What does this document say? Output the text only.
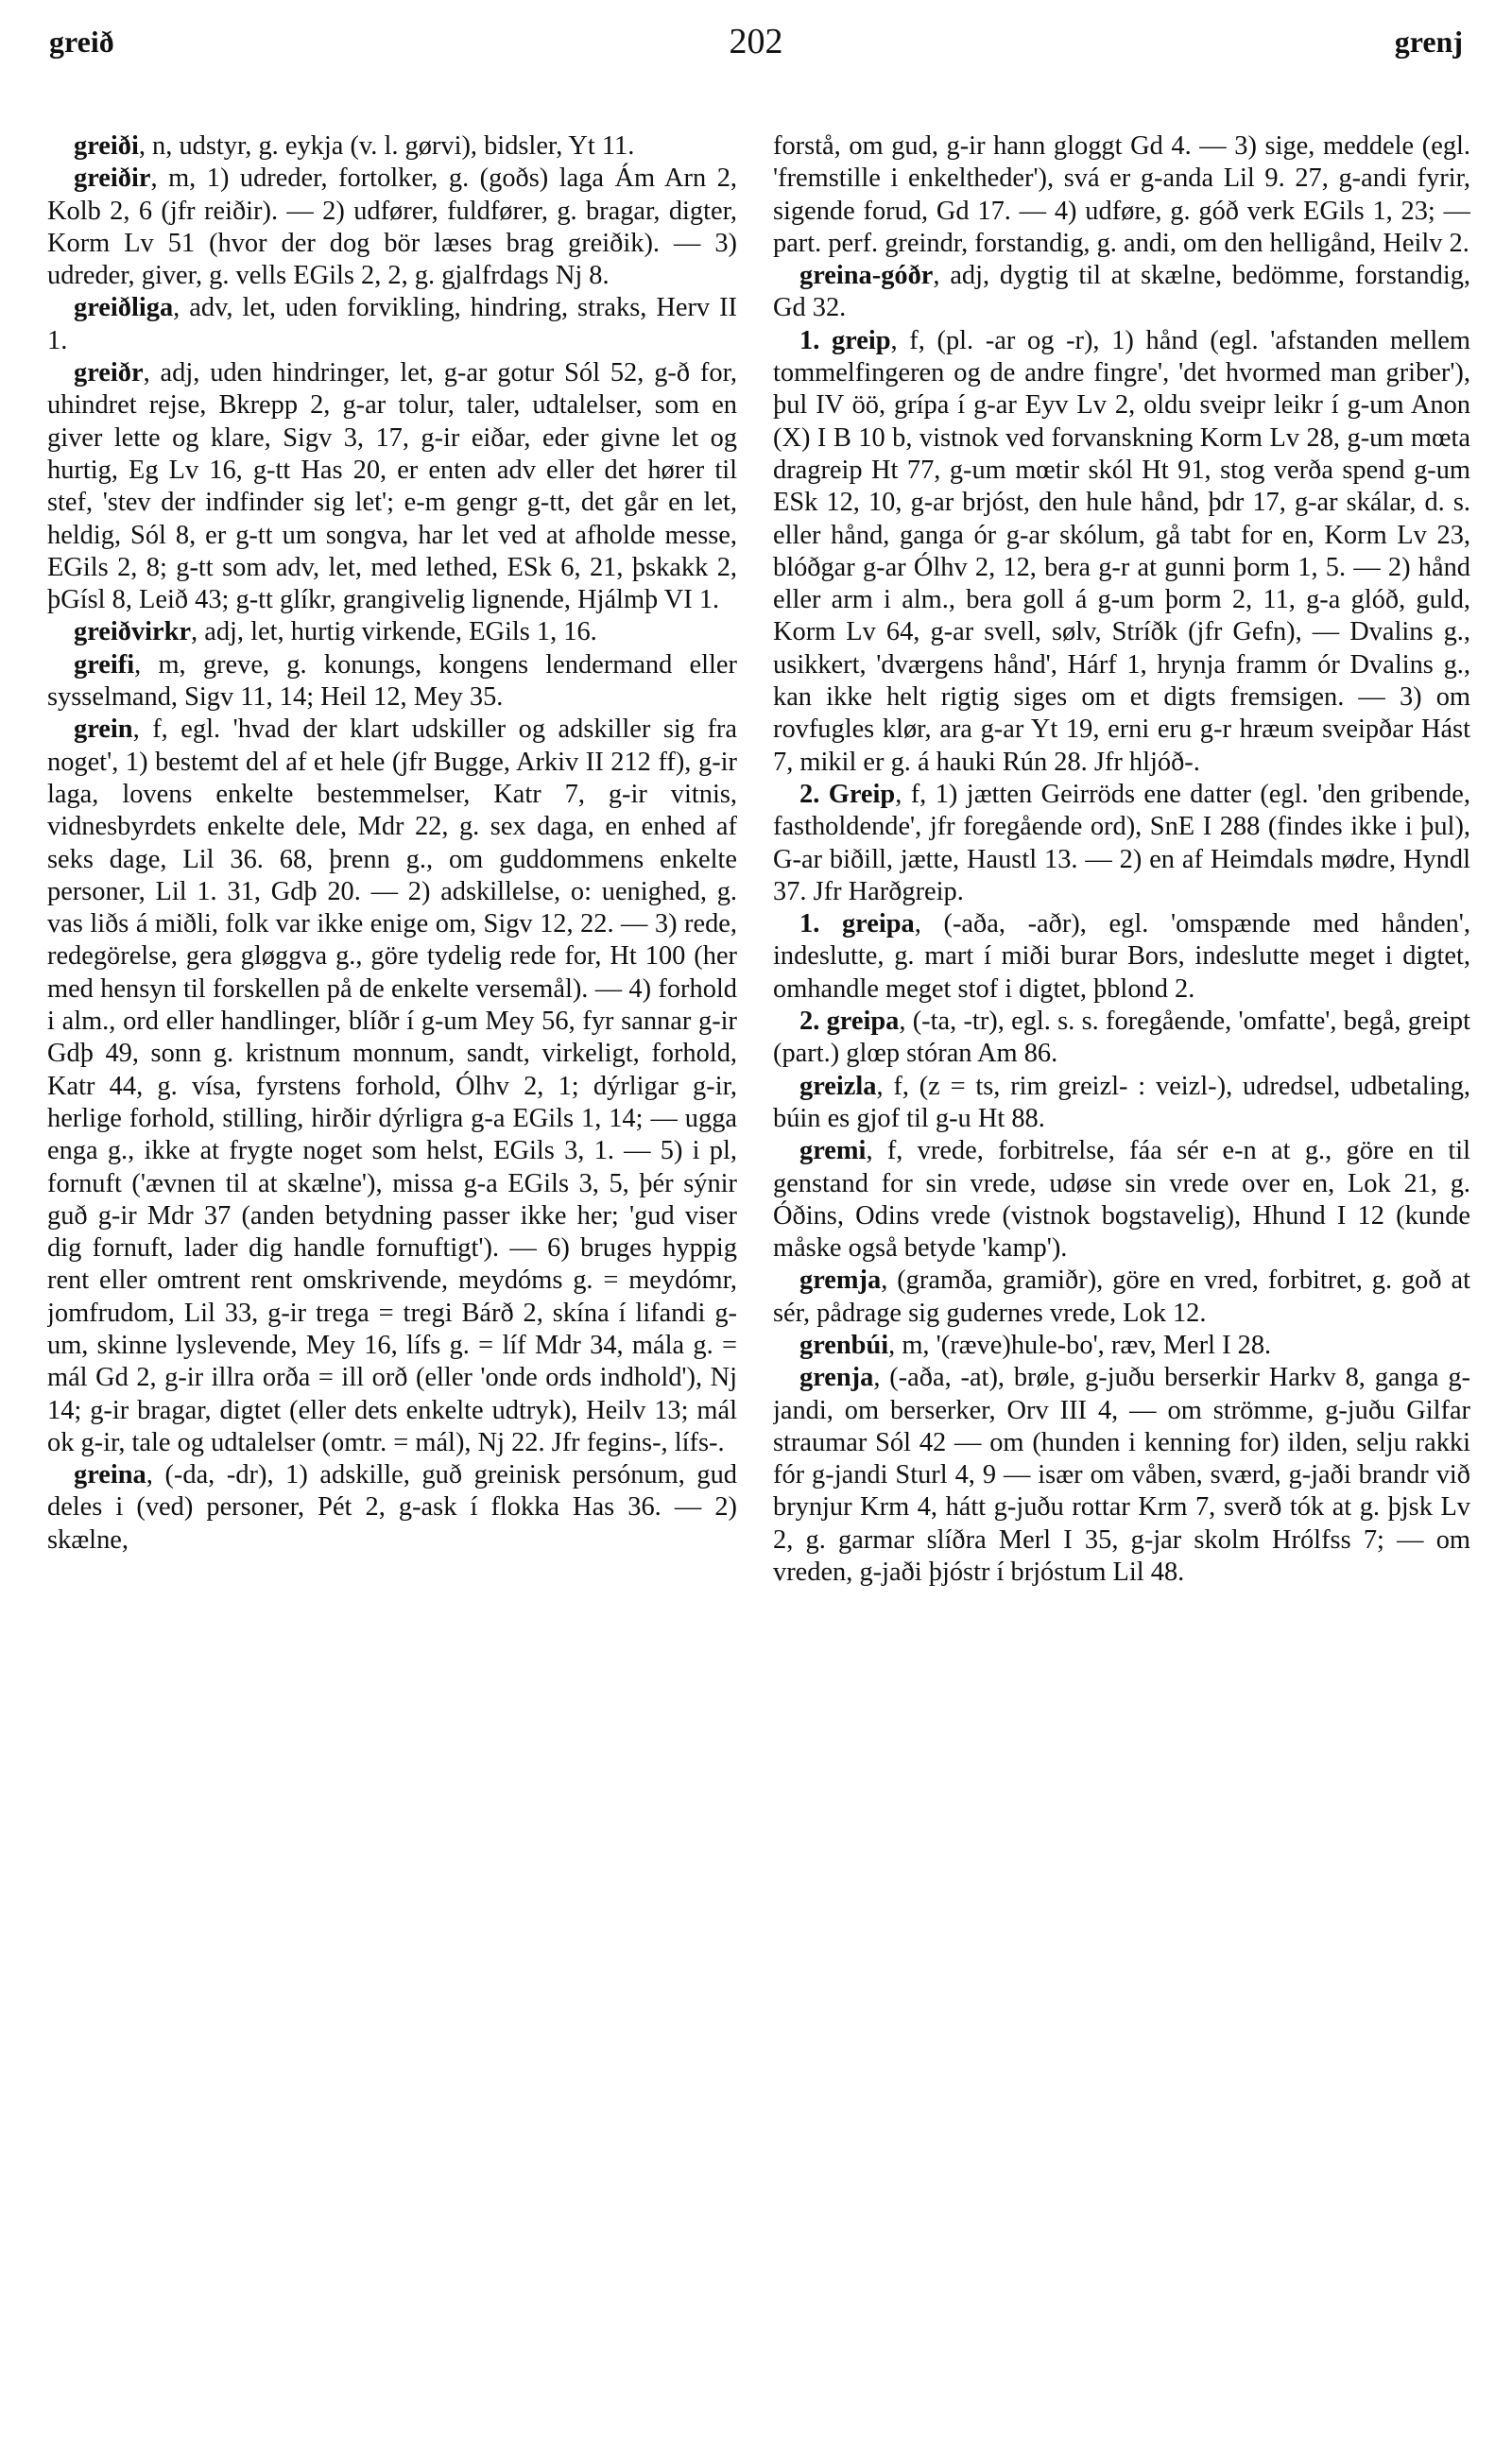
greið	202	grenj

greiði, n, udstyr, g. eykja (v. l. gørvi), bidsler, Yt 11.

greiðir, m, 1) udreder, fortolker, g. (goðs) laga Ám Arn 2, Kolb 2, 6 (jfr reiðir). — 2) udfører, fuldfører, g. bragar, digter, Korm Lv 51 (hvor der dog bör læses brag greiðik). — 3) udreder, giver, g. vells EGils 2, 2, g. gjalfrdags Nj 8.

greiðliga, adv, let, uden forvikling, hindring, straks, Herv II 1.

greiðr, adj, uden hindringer, let, g-ar gotur Sól 52, g-ð for, uhindret rejse, Bkrepp 2, g-ar tolur, taler, udtalelser, som en giver lette og klare, Sigv 3, 17, g-ir eiðar, eder givne let og hurtig, Eg Lv 16, g-tt Has 20, er enten adv eller det hører til stef, 'stev der indfinder sig let'; e-m gengr g-tt, det går en let, heldig, Sól 8, er g-tt um songva, har let ved at afholde messe, EGils 2, 8; g-tt som adv, let, med lethed, ESk 6, 21, þskakk 2, þGísl 8, Leið 43; g-tt glíkr, grangivelig lignende, Hjálmþ VI 1.

greiðvirkr, adj, let, hurtig virkende, EGils 1, 16.

greifi, m, greve, g. konungs, kongens lendermand eller sysselmand, Sigv 11, 14; Heil 12, Mey 35.

grein, f, egl. 'hvad der klart udskiller og adskiller sig fra noget', 1) bestemt del af et hele (jfr Bugge, Arkiv II 212 ff), g-ir laga, lovens enkelte bestemmelser, Katr 7, g-ir vitnis, vidnesbyrdets enkelte dele, Mdr 22, g. sex daga, en enhed af seks dage, Lil 36. 68, þrenn g., om guddommens enkelte personer, Lil 1. 31, Gdþ 20. — 2) adskillelse, o: uenighed, g. vas liðs á miðli, folk var ikke enige om, Sigv 12, 22. — 3) rede, redegörelse, gera gløggva g., göre tydelig rede for, Ht 100 (her med hensyn til forskellen på de enkelte versemål). — 4) forhold i alm., ord eller handlinger, blíðr í g-um Mey 56, fyr sannar g-ir Gdþ 49, sonn g. kristnum monnum, sandt, virkeligt, forhold, Katr 44, g. vísa, fyrstens forhold, Ólhv 2, 1; dýrligar g-ir, herlige forhold, stilling, hirðir dýrligra g-a EGils 1, 14; — ugga enga g., ikke at frygte noget som helst, EGils 3, 1. — 5) i pl, fornuft ('ævnen til at skælne'), missa g-a EGils 3, 5, þér sýnir guð g-ir Mdr 37 (anden betydning passer ikke her; 'gud viser dig fornuft, lader dig handle fornuftigt'). — 6) bruges hyppig rent eller omtrent rent omskrivende, meydóms g. = meydómr, jomfrudom, Lil 33, g-ir trega = tregi Bárð 2, skína í lifandi g-um, skinne lyslevende, Mey 16, lífs g. = líf Mdr 34, mála g. = mál Gd 2, g-ir illra orða = ill orð (eller 'onde ords indhold'), Nj 14; g-ir bragar, digtet (eller dets enkelte udtryk), Heilv 13; mál ok g-ir, tale og udtalelser (omtr. = mál), Nj 22. Jfr fegins-, lífs-.

greina, (-da, -dr), 1) adskille, guð greinisk persónum, gud deles i (ved) personer, Pét 2, g-ask í flokka Has 36. — 2) skælne,

forstå, om gud, g-ir hann gloggt Gd 4. — 3) sige, meddele (egl. 'fremstille i enkeltheder'), svá er g-anda Lil 9. 27, g-andi fyrir, sigende forud, Gd 17. — 4) udføre, g. góð verk EGils 1, 23; — part. perf. greindr, forstandig, g. andi, om den helligånd, Heilv 2.

greina-góðr, adj, dygtig til at skælne, bedömme, forstandig, Gd 32.

1. greip, f, (pl. -ar og -r), 1) hånd (egl. 'afstanden mellem tommelfingeren og de andre fingre', 'det hvormed man griber'), þul IV öö, grípa í g-ar Eyv Lv 2, oldu sveipr leikr í g-um Anon (X) I B 10 b, vistnok ved forvanskning Korm Lv 28, g-um mœta dragreip Ht 77, g-um mœtir skól Ht 91, stog verða spend g-um ESk 12, 10, g-ar brjóst, den hule hånd, þdr 17, g-ar skálar, d. s. eller hånd, ganga ór g-ar skólum, gå tabt for en, Korm Lv 23, blóðgar g-ar Ólhv 2, 12, bera g-r at gunni þorm 1, 5. — 2) hånd eller arm i alm., bera goll á g-um þorm 2, 11, g-a glóð, guld, Korm Lv 64, g-ar svell, sølv, Stríðk (jfr Gefn), — Dvalins g., usikkert, 'dværgens hånd', Hárf 1, hrynja framm ór Dvalins g., kan ikke helt rigtig siges om et digts fremsigen. — 3) om rovfugles klør, ara g-ar Yt 19, erni eru g-r hræum sveipðar Hást 7, mikil er g. á hauki Rún 28. Jfr hljóð-.

2. Greip, f, 1) jætten Geirröds ene datter (egl. 'den gribende, fastholdende', jfr foregående ord), SnE I 288 (findes ikke i þul), G-ar biðill, jætte, Haustl 13. — 2) en af Heimdals mødre, Hyndl 37. Jfr Harðgreip.

1. greipa, (-aða, -aðr), egl. 'omspænde med hånden', indeslutte, g. mart í miði burar Bors, indeslutte meget i digtet, omhandle meget stof i digtet, þblond 2.

2. greipa, (-ta, -tr), egl. s. s. foregående, 'omfatte', begå, greipt (part.) glœp stóran Am 86.

greizla, f, (z = ts, rim greizl- : veizl-), udredsel, udbetaling, búin es gjof til g-u Ht 88.

gremi, f, vrede, forbitrelse, fáa sér e-n at g., göre en til genstand for sin vrede, udøse sin vrede over en, Lok 21, g. Óðins, Odins vrede (vistnok bogstavelig), Hhund I 12 (kunde måske også betyde 'kamp').

gremja, (gramða, gramiðr), göre en vred, forbitret, g. goð at sér, pådrage sig gudernes vrede, Lok 12.

grenbúi, m, '(ræve)hule-bo', ræv, Merl I 28.

grenja, (-aða, -at), brøle, g-juðu berserkir Harkv 8, ganga g-jandi, om berserker, Orv III 4, — om strömme, g-juðu Gilfar straumar Sól 42 — om (hunden i kenning for) ilden, selju rakki fór g-jandi Sturl 4, 9 — især om våben, sværd, g-jaði brandr við brynjur Krm 4, hátt g-juðu rottar Krm 7, sverð tók at g. þjsk Lv 2, g. garmar slíðra Merl I 35, g-jar skolm Hrólfss 7; — om vreden, g-jaði þjóstr í brjóstum Lil 48.
